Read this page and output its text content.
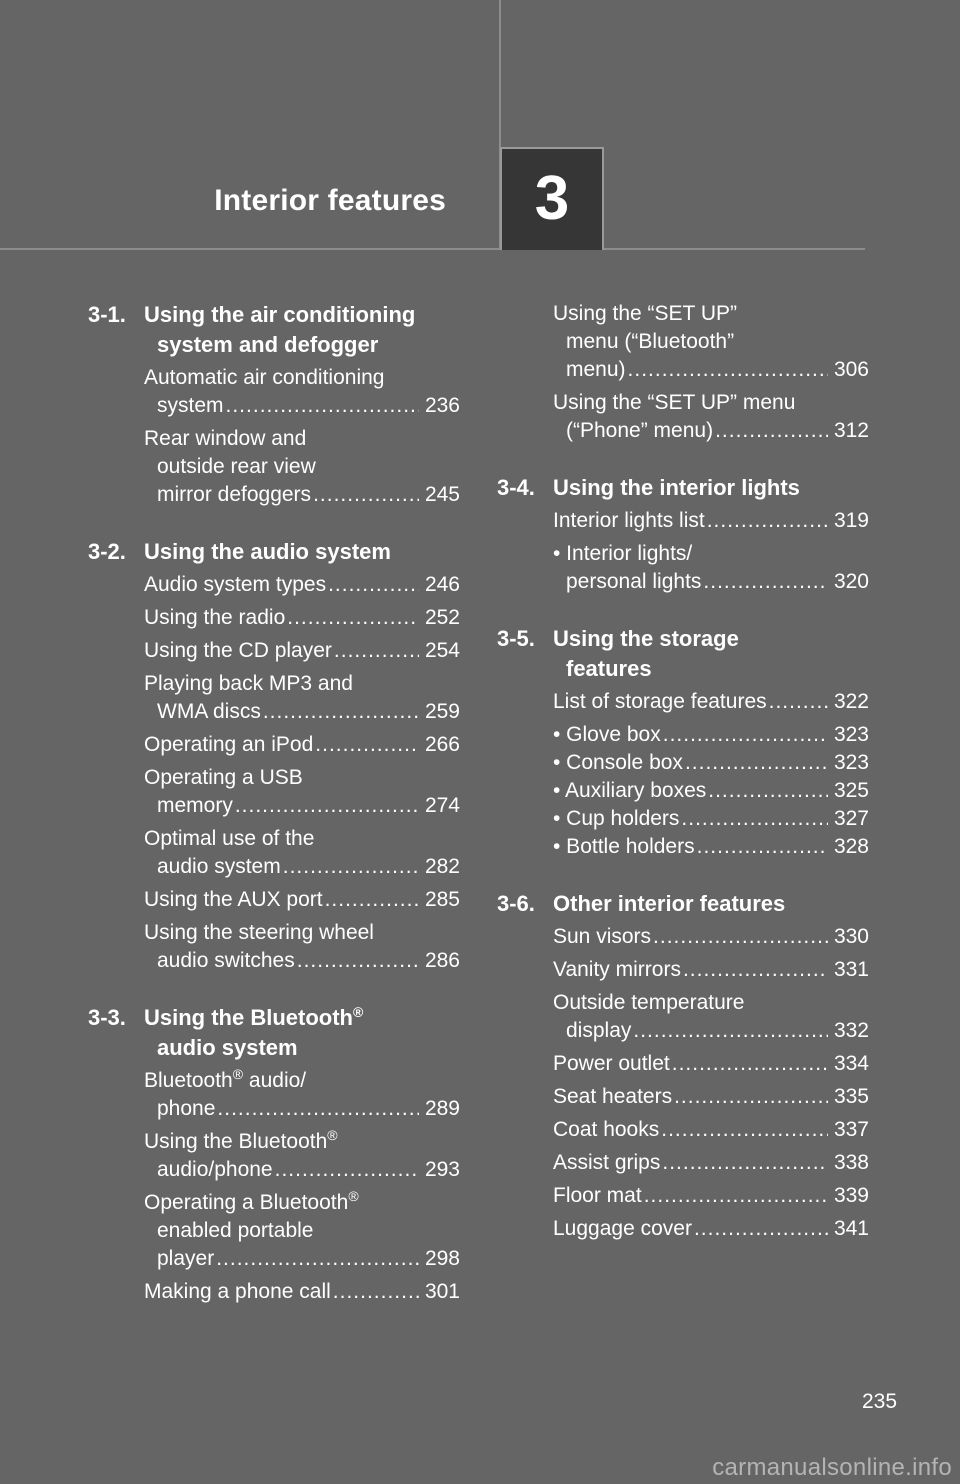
Interior features	3
3-1. Using the air conditioning
system and defogger
Automatic air conditioning
system .....	236
Rear window and
outside rear view
mirror defoggers .....	245
3-2. Using the audio system
Audio system types .....	246
Using the radio .....	252
Using the CD player .....	254
Playing back MP3 and
WMA discs .....	259
Operating an iPod .....	266
Operating a USB
memory .....	274
Optimal use of the
audio system .....	282
Using the AUX port .....	285
Using the steering wheel
audio switches .....	286
3-3. Using the Bluetooth®
audio system
Bluetooth® audio/
phone .....	289
Using the Bluetooth®
audio/phone .....	293
Operating a Bluetooth®
enabled portable
player .....	298
Making a phone call .....	301
Using the “SET UP”
menu (“Bluetooth”
menu) .....	306
Using the “SET UP” menu
(“Phone” menu) .....	312
3-4. Using the interior lights
Interior lights list .....	319
• Interior lights/
personal lights .....	320
3-5. Using the storage
features
List of storage features .....	322
• Glove box .....	323
• Console box .....	323
• Auxiliary boxes .....	325
• Cup holders .....	327
• Bottle holders .....	328
3-6. Other interior features
Sun visors .....	330
Vanity mirrors .....	331
Outside temperature
display .....	332
Power outlet .....	334
Seat heaters .....	335
Coat hooks .....	337
Assist grips .....	338
Floor mat .....	339
Luggage cover .....	341
235
carmanualsonline.info
